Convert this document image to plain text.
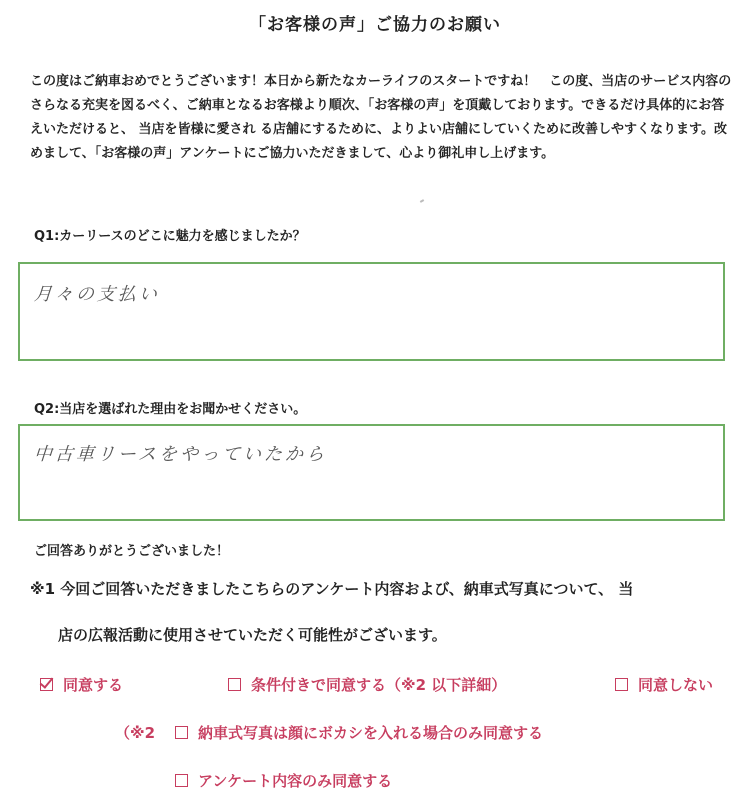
「お客様の声」ご協力のお願い
この度はご納車おめでとうございます！本日から新たなカーライフのスタートですね！　この度、当店のサービス内容のさらなる充実を図るべく、ご納車となるお客様より順次、「お客様の声」を頂戴しております。できるだけ具体的にお答えいただけると、 当店を皆様に愛され る店舗にするために、よりよい店舗にしていくために改善しやすくなります。改めまして、「お客様の声」アンケートにご協力いただきまして、心より御礼申し上げます。
Q1:カーリースのどこに魅力を感じましたか？
月々の支払い
Q2:当店を選ばれた理由をお聞かせください。
中古車リースをやっていたから
ご回答ありがとうございました！
※1 今回ご回答いただきましたこちらのアンケート内容および、納車式写真について、 当
店の広報活動に使用させていただく可能性がございます。
同意する	条件付きで同意する（※2 以下詳細）	同意しない
（※2	納車式写真は顔にボカシを入れる場合のみ同意する
アンケート内容のみ同意する
